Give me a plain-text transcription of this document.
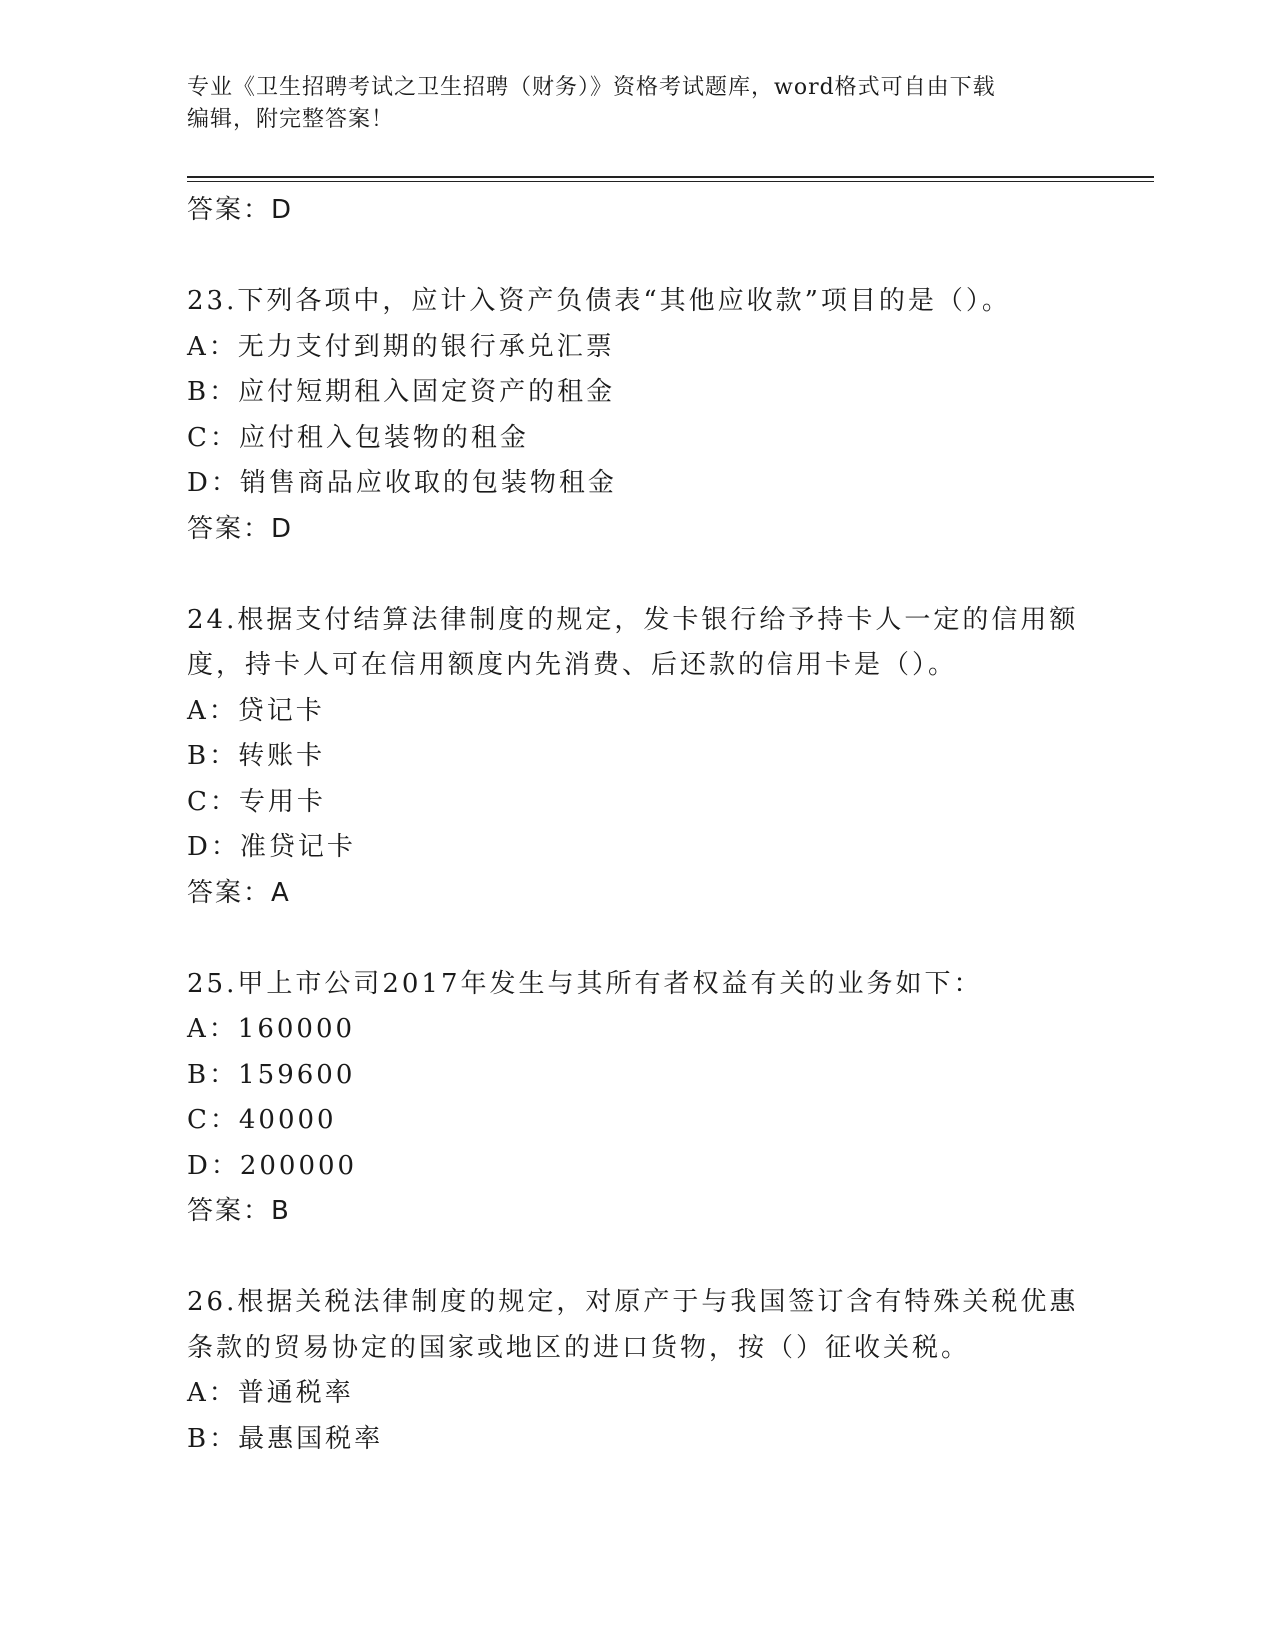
专业《卫生招聘考试之卫生招聘（财务）》资格考试题库，word格式可自由下载
编辑，附完整答案！
答案：D
23.下列各项中，应计入资产负债表“其他应收款”项目的是（）。
A：无力支付到期的银行承兑汇票
B：应付短期租入固定资产的租金
C：应付租入包装物的租金
D：销售商品应收取的包装物租金
答案：D
24.根据支付结算法律制度的规定，发卡银行给予持卡人一定的信用额
度，持卡人可在信用额度内先消费、后还款的信用卡是（）。
A：贷记卡
B：转账卡
C：专用卡
D：准贷记卡
答案：A
25.甲上市公司2017年发生与其所有者权益有关的业务如下：
A：160000
B：159600
C：40000
D：200000
答案：B
26.根据关税法律制度的规定，对原产于与我国签订含有特殊关税优惠
条款的贸易协定的国家或地区的进口货物，按（）征收关税。
A：普通税率
B：最惠国税率
